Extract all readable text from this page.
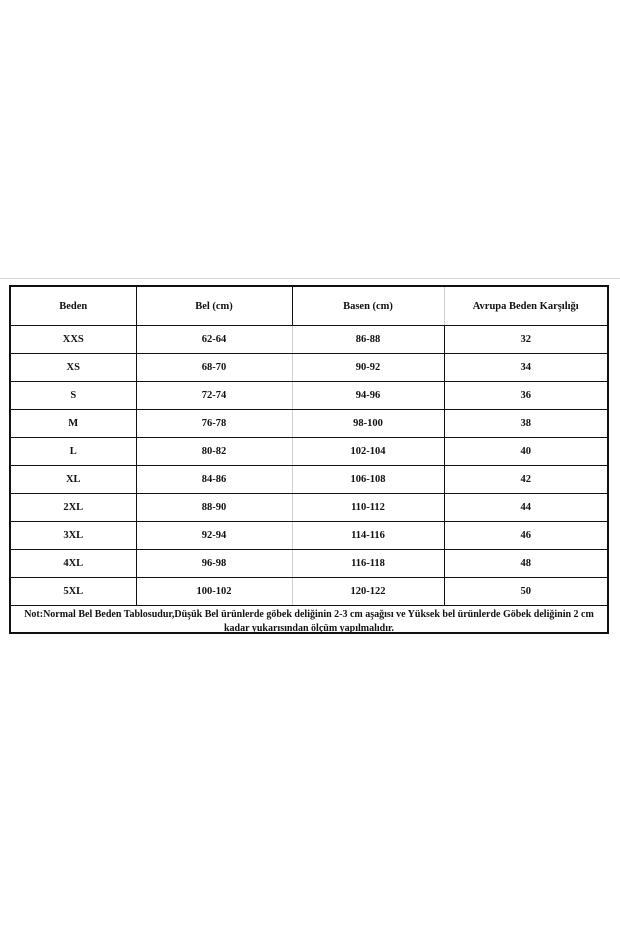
Beden	Bel (cm)	Basen (cm)	Avrupa Beden Karşılığı
XXS	62-64	86-88	32
XS	68-70	90-92	34
S	72-74	94-96	36
M	76-78	98-100	38
L	80-82	102-104	40
XL	84-86	106-108	42
2XL	88-90	110-112	44
3XL	92-94	114-116	46
4XL	96-98	116-118	48
5XL	100-102	120-122	50
Not:Normal Bel Beden Tablosudur,Düşük Bel ürünlerde göbek deliğinin 2-3 cm aşağısı ve Yüksek bel ürünlerde Göbek deliğinin 2 cm kadar yukarısından ölçüm yapılmalıdır.
